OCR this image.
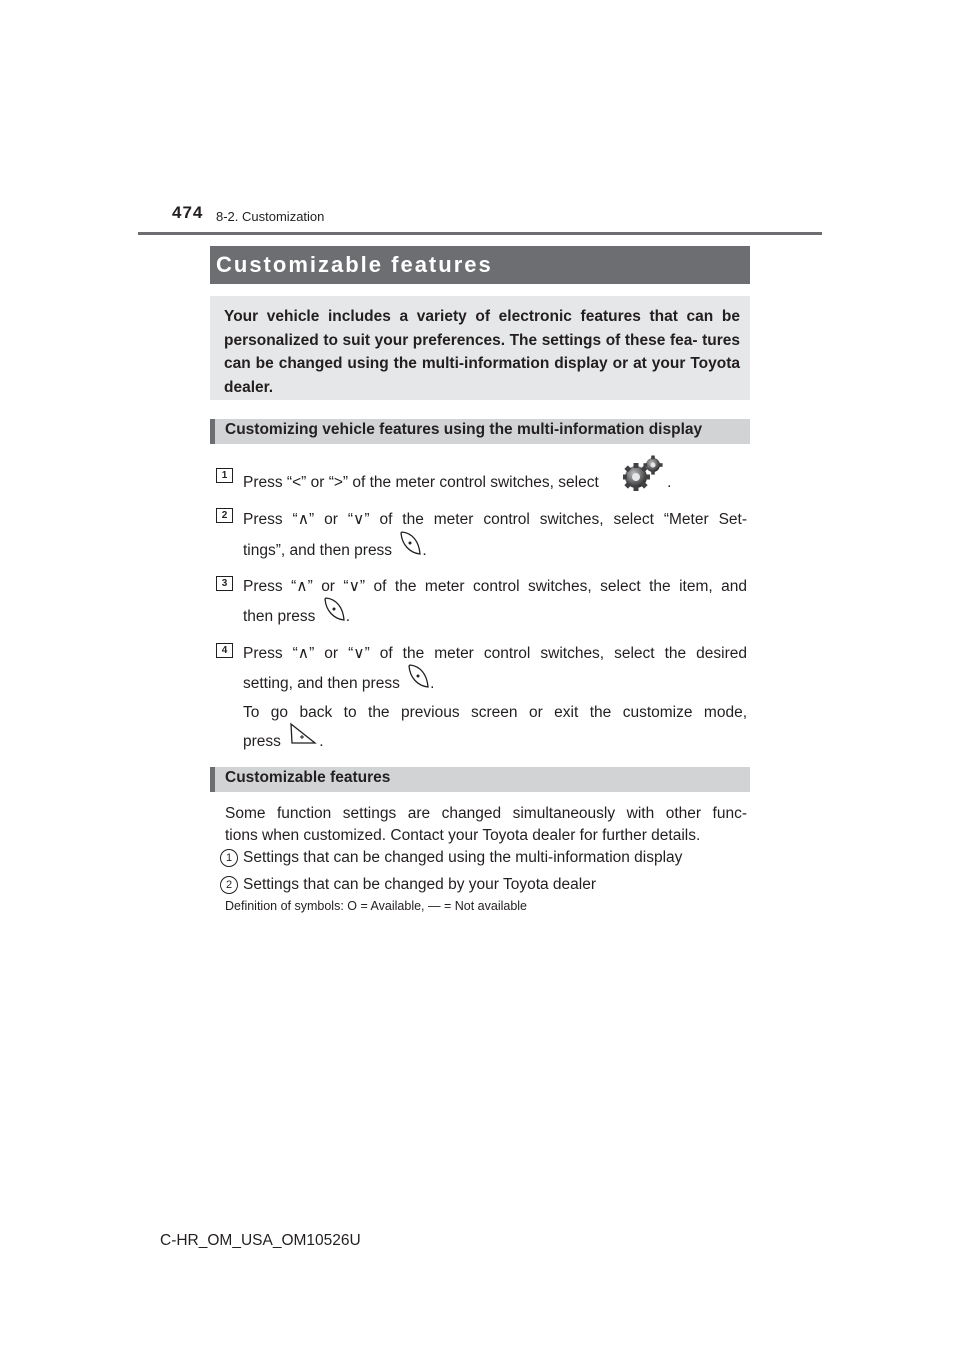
474 8-2. Customization
Customizable features
Your vehicle includes a variety of electronic features that can be personalized to suit your preferences. The settings of these fea- tures can be changed using the multi-information display or at your Toyota dealer.
Customizing vehicle features using the multi-information display
1	Press “<” or “>” of the meter control switches, select	.
2	Press “∧” or “∨” of the meter control switches, select “Meter Set-
tings”, and then press .
3	Press “∧” or “∨” of the meter control switches, select the item, and
then press .
4	Press “∧” or “∨” of the meter control switches, select the desired
setting, and then press .
To go back to the previous screen or exit the customize mode,
press .
Customizable features
Some function settings are changed simultaneously with other func-
tions when customized. Contact your Toyota dealer for further details.
1 Settings that can be changed using the multi-information display
2 Settings that can be changed by your Toyota dealer
Definition of symbols: O = Available, — = Not available
C-HR_OM_USA_OM10526U
